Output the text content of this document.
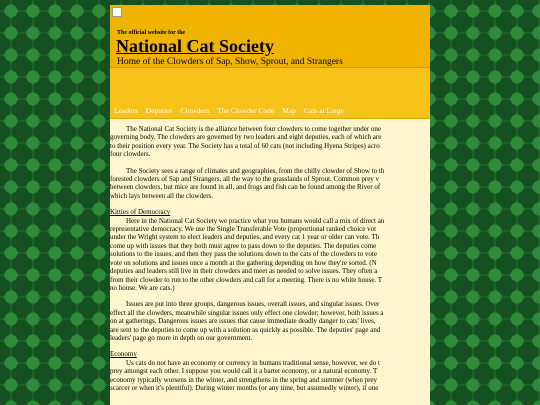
The official website for the
National Cat Society
Home of the Clowders of Sap, Show, Sprout, and Strangers
Leaders Deputies Clowders The Clowder Code Map Cats at Large
The National Cat Society is the alliance between four clowders to come together under one
governing body. The clowders are governed by two leaders and eight deputies, each of which are
to their position every year. The Society has a total of 60 cats (not including Hyena Stripes) acro
four clowders.
The Society sees a range of climates and geographies, from the chilly clowder of Show to th
forested clowders of Sap and Strangers, all the way to the grasslands of Sprout. Common prey v
between clowders, but mice are found in all, and frogs and fish can be found among the River of
which lays between all the clowders.
Kitties of Democracy
Here in the National Cat Society we practice what you humans would call a mix of direct an
representative democracy. We use the Single Transferable Vote (proportional ranked choice vot
under the Wright system to elect leaders and deputies, and every cat 1 year or older can vote. Th
come up with issues that they both must agree to pass down to the deputies. The deputies come
solutions to the issues, and then they pass the solutions down to the cats of the clowders to vote
vote on solutions and issues once a month at the gathering depending on how they're sorted. (N
deputies and leaders still live in their clowders and meet as needed to solve issues. They often a
from their clowder to run to the other clowders and call for a meeting. There is no white house. T
no house. We are cats.)
Issues are put into three groups, dangerous issues, overall issues, and singular issues. Over
effect all the clowders, meanwhile singular issues only effect one clowder; however, both issues a
on at gatherings. Dangerous issues are issues that cause immediate deadly danger to cats' lives,
are sent to the deputies to come up with a solution as quickly as possible. The deputies' page and
leaders' page go more in depth on our government.
Economy
Us cats do not have an economy or currency in humans traditional sense, however, we do t
prey amongst each other. I suppose you would call it a barter economy, or a natural economy. T
economy typically worsens in the winter, and strengthens in the spring and summer (when prey
scarcer or when it's plentiful). During winter months (or any time, but assumedly winter), if one
